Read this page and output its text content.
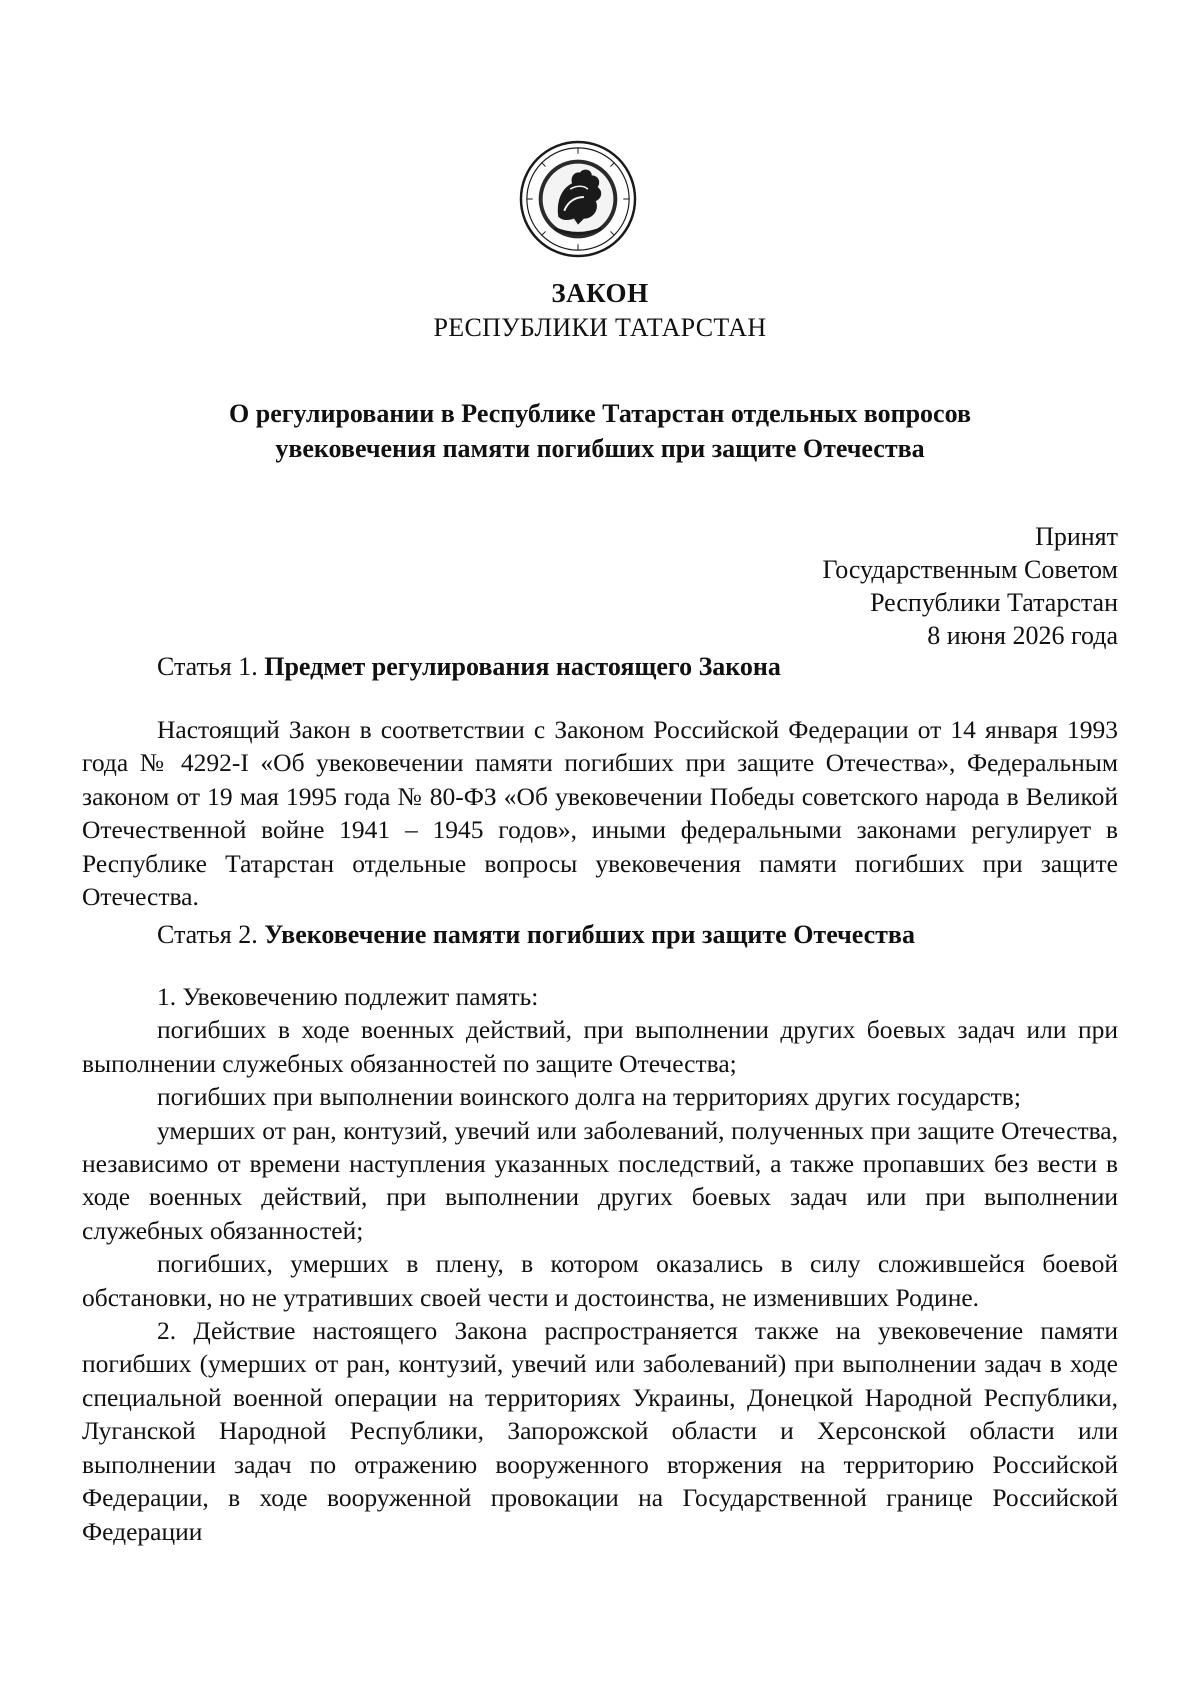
ЗАКОН
РЕСПУБЛИКИ ТАТАРСТАН
О регулировании в Республике Татарстан отдельных вопросов
увековечения памяти погибших при защите Отечества
Принят
Государственным Советом
Республики Татарстан
8 июня 2026 года
Статья 1. Предмет регулирования настоящего Закона

Настоящий Закон в соответствии с Законом Российской Федерации от 14 января 1993 года № 4292-I «Об увековечении памяти погибших при защите Отечества», Федеральным законом от 19 мая 1995 года № 80-ФЗ «Об увековечении Победы советского народа в Великой Отечественной войне 1941 – 1945 годов», иными федеральными законами регулирует в Республике Татарстан отдельные вопросы увековечения памяти погибших при защите Отечества.

Статья 2. Увековечение памяти погибших при защите Отечества

1. Увековечению подлежит память:

погибших в ходе военных действий, при выполнении других боевых задач или при выполнении служебных обязанностей по защите Отечества;

погибших при выполнении воинского долга на территориях других государств;

умерших от ран, контузий, увечий или заболеваний, полученных при защите Отечества, независимо от времени наступления указанных последствий, а также пропавших без вести в ходе военных действий, при выполнении других боевых задач или при выполнении служебных обязанностей;

погибших, умерших в плену, в котором оказались в силу сложившейся боевой обстановки, но не утративших своей чести и достоинства, не изменивших Родине.

2. Действие настоящего Закона распространяется также на увековечение памяти погибших (умерших от ран, контузий, увечий или заболеваний) при выполнении задач в ходе специальной военной операции на территориях Украины, Донецкой Народной Республики, Луганской Народной Республики, Запорожской области и Херсонской области или выполнении задач по отражению вооруженного вторжения на территорию Российской Федерации, в ходе вооруженной провокации на Государственной границе Российской Федерации
